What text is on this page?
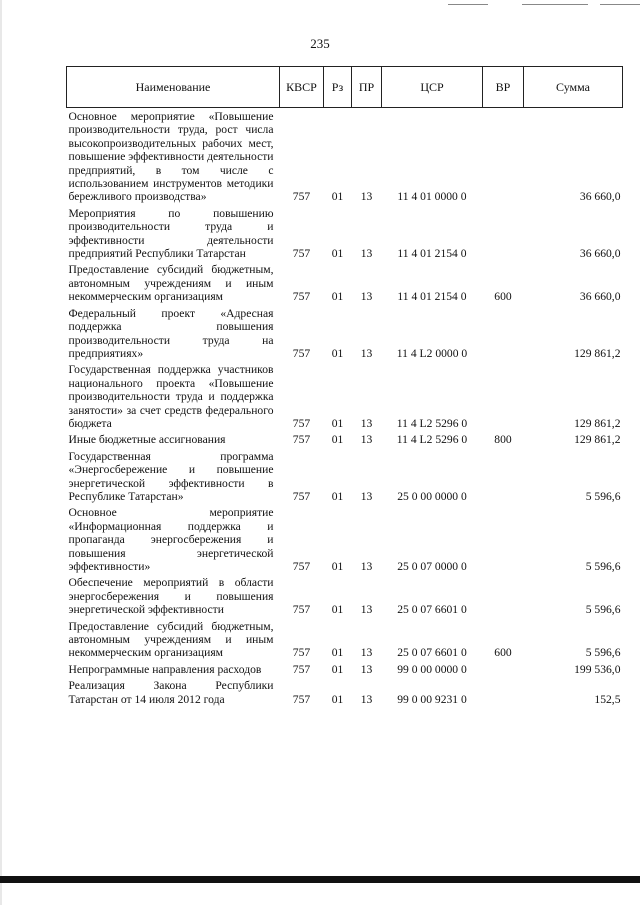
235
Наименование	КВСР	Рз	ПР	ЦСР	ВР	Сумма
Основное мероприятие «Повышение производительности труда, рост числа высокопроизводительных рабочих мест, повышение эффективности деятельности предприятий, в том числе с использованием инструментов методики бережливого производства»	757	01	13	11 4 01 0000 0		36 660,0
Мероприятия по повышению производительности труда и эффективности деятельности предприятий Республики Татарстан	757	01	13	11 4 01 2154 0		36 660,0
Предоставление субсидий бюджетным, автономным учреждениям и иным некоммерческим организациям	757	01	13	11 4 01 2154 0	600	36 660,0
Федеральный проект «Адресная поддержка повышения производительности труда на предприятиях»	757	01	13	11 4 L2 0000 0		129 861,2
Государственная поддержка участников национального проекта «Повышение производительности труда и поддержка занятости» за счет средств федерального бюджета	757	01	13	11 4 L2 5296 0		129 861,2
Иные бюджетные ассигнования	757	01	13	11 4 L2 5296 0	800	129 861,2
Государственная программа «Энергосбережение и повышение энергетической эффективности в Республике Татарстан»	757	01	13	25 0 00 0000 0		5 596,6
Основное мероприятие «Информационная поддержка и пропаганда энергосбережения и повышения энергетической эффективности»	757	01	13	25 0 07 0000 0		5 596,6
Обеспечение мероприятий в области энергосбережения и повышения энергетической эффективности	757	01	13	25 0 07 6601 0		5 596,6
Предоставление субсидий бюджетным, автономным учреждениям и иным некоммерческим организациям	757	01	13	25 0 07 6601 0	600	5 596,6
Непрограммные направления расходов	757	01	13	99 0 00 0000 0		199 536,0
Реализация Закона Республики Татарстан от 14 июля 2012 года	757	01	13	99 0 00 9231 0		152,5
